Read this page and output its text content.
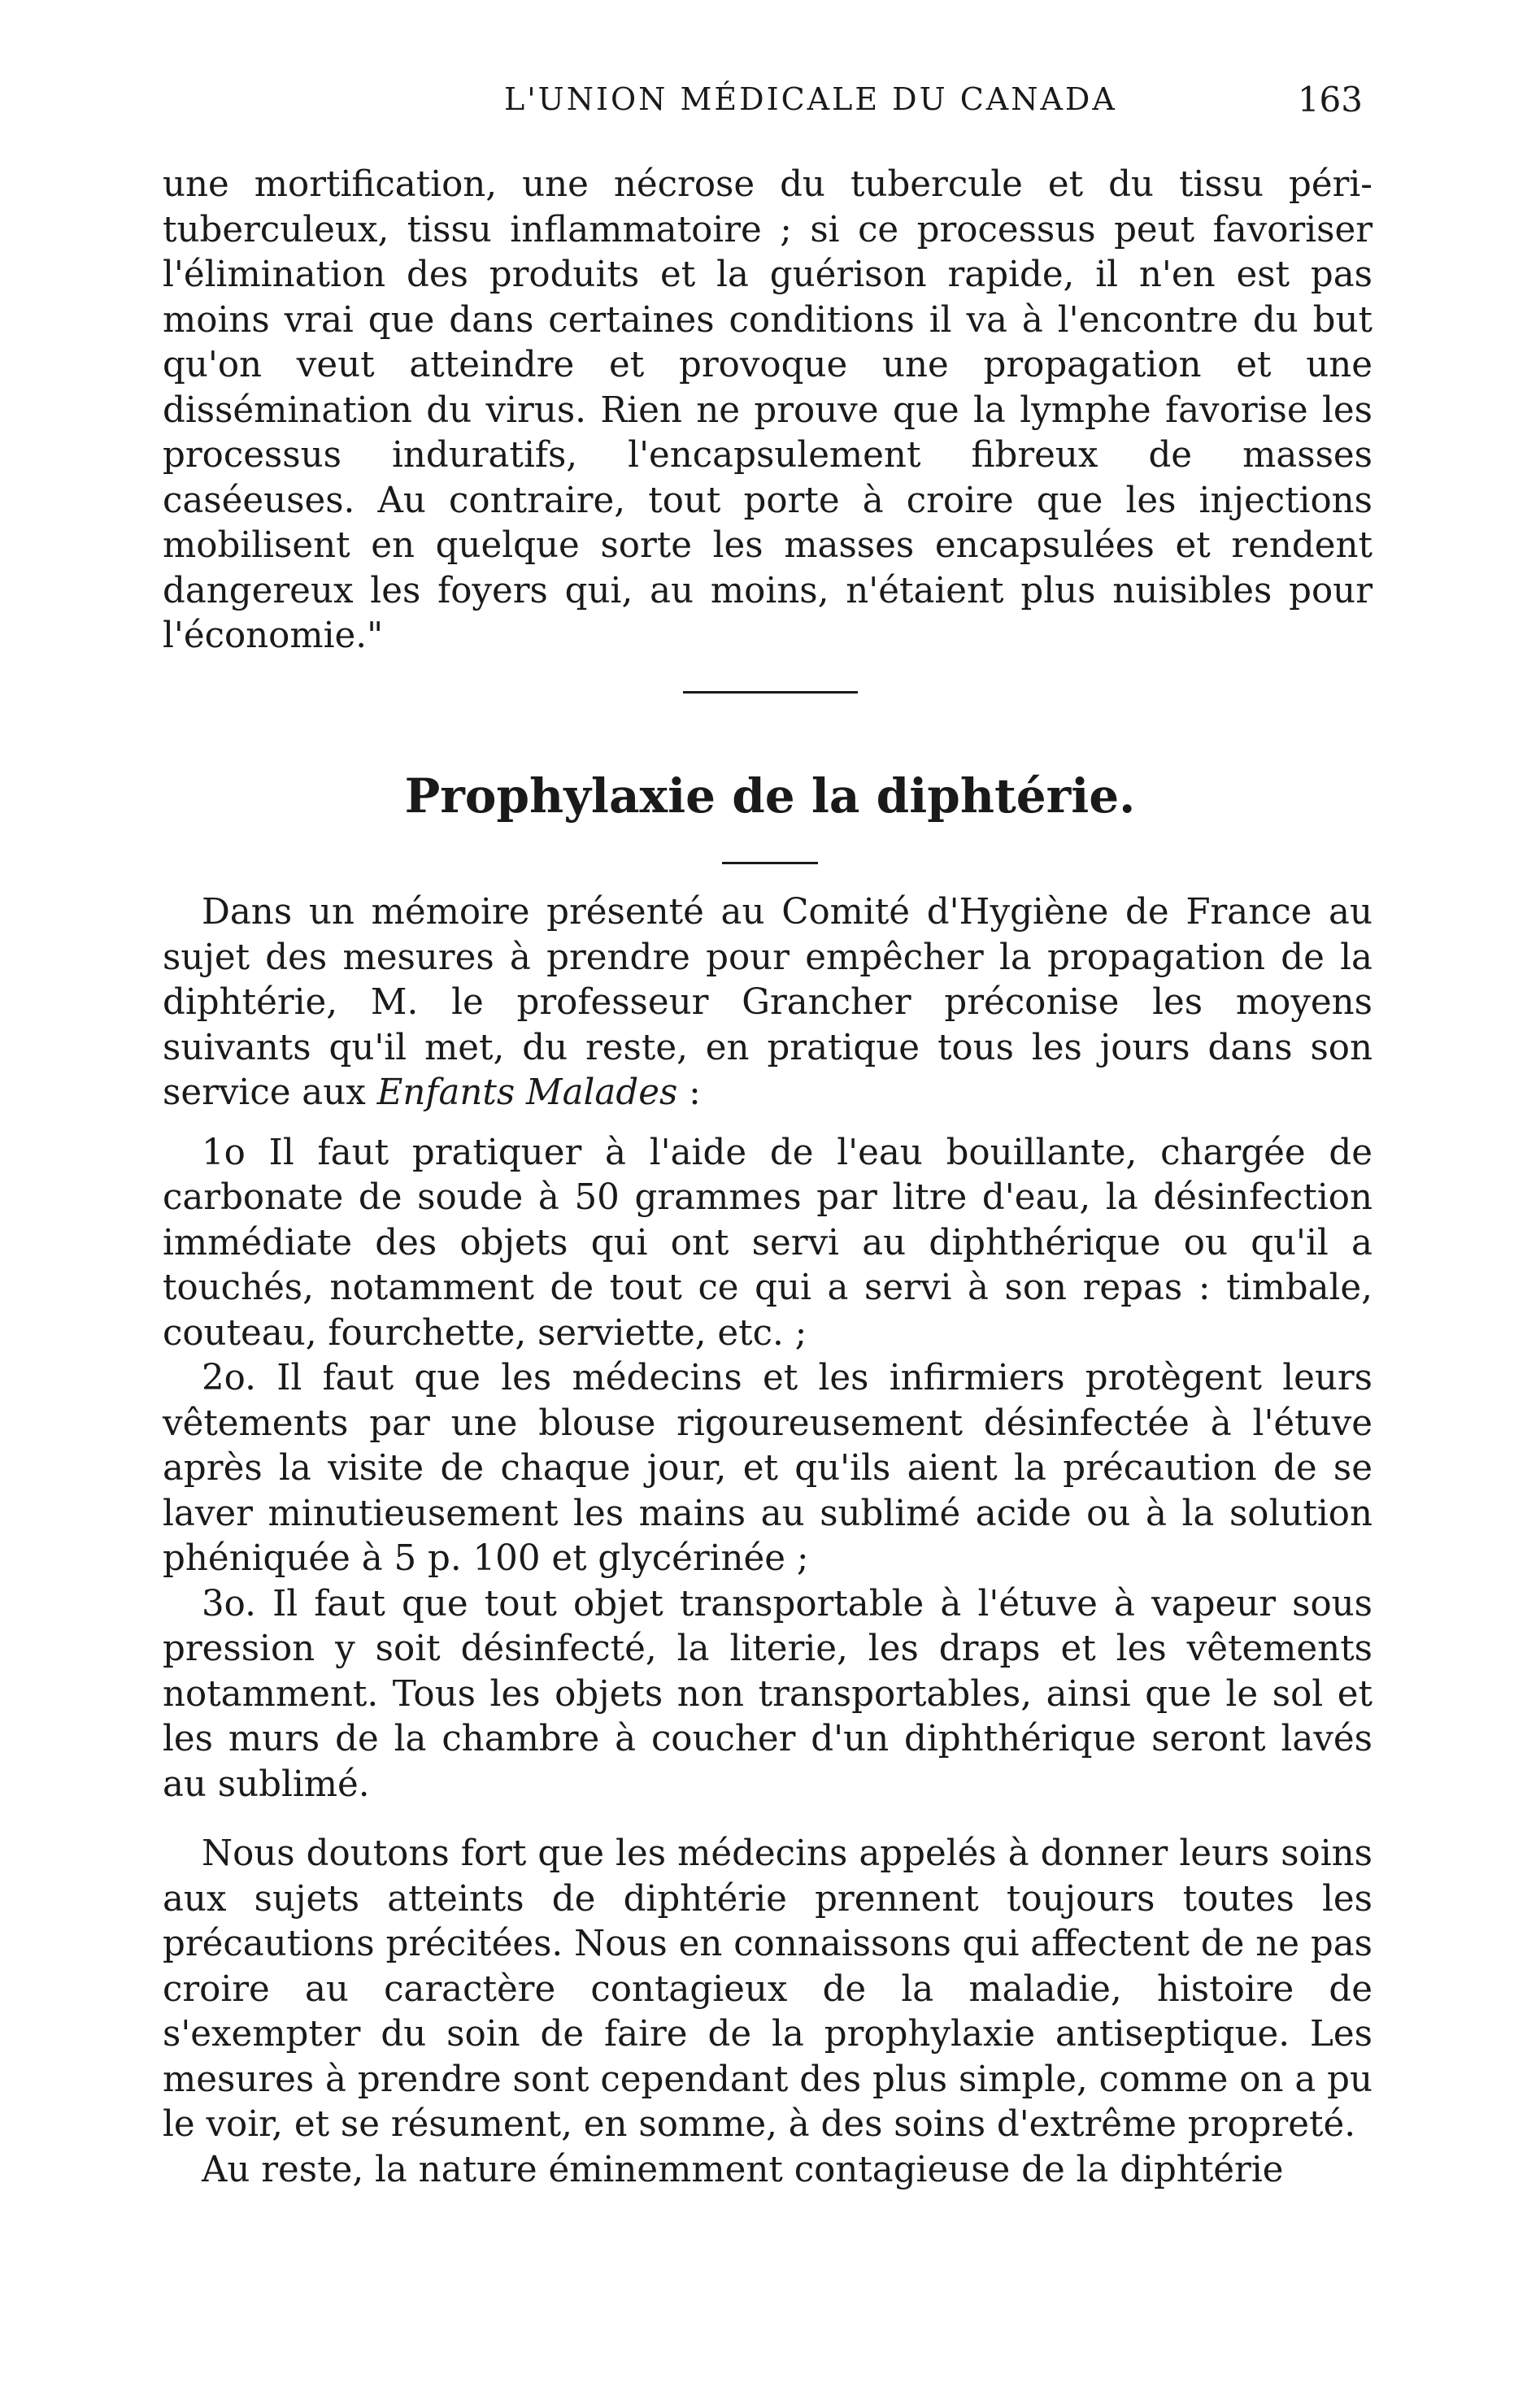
L'UNION MÉDICALE DU CANADA	163

une mortification, une nécrose du tubercule et du tissu péri-tuberculeux, tissu inflammatoire ; si ce processus peut favoriser l'élimination des produits et la guérison rapide, il n'en est pas moins vrai que dans certaines conditions il va à l'encontre du but qu'on veut atteindre et provoque une propagation et une dissémination du virus. Rien ne prouve que la lymphe favorise les processus induratifs, l'encapsulement fibreux de masses caséeuses. Au contraire, tout porte à croire que les injections mobilisent en quelque sorte les masses encapsulées et rendent dangereux les foyers qui, au moins, n'étaient plus nuisibles pour l'économie."

Prophylaxie de la diphtérie.

Dans un mémoire présenté au Comité d'Hygiène de France au sujet des mesures à prendre pour empêcher la propagation de la diphtérie, M. le professeur Grancher préconise les moyens suivants qu'il met, du reste, en pratique tous les jours dans son service aux Enfants Malades :

1o Il faut pratiquer à l'aide de l'eau bouillante, chargée de carbonate de soude à 50 grammes par litre d'eau, la désinfection immédiate des objets qui ont servi au diphthérique ou qu'il a touchés, notamment de tout ce qui a servi à son repas : timbale, couteau, fourchette, serviette, etc. ;

2o. Il faut que les médecins et les infirmiers protègent leurs vêtements par une blouse rigoureusement désinfectée à l'étuve après la visite de chaque jour, et qu'ils aient la précaution de se laver minutieusement les mains au sublimé acide ou à la solution phéniquée à 5 p. 100 et glycérinée ;

3o. Il faut que tout objet transportable à l'étuve à vapeur sous pression y soit désinfecté, la literie, les draps et les vêtements notamment. Tous les objets non transportables, ainsi que le sol et les murs de la chambre à coucher d'un diphthérique seront lavés au sublimé.

Nous doutons fort que les médecins appelés à donner leurs soins aux sujets atteints de diphtérie prennent toujours toutes les précautions précitées. Nous en connaissons qui affectent de ne pas croire au caractère contagieux de la maladie, histoire de s'exempter du soin de faire de la prophylaxie antiseptique. Les mesures à prendre sont cependant des plus simple, comme on a pu le voir, et se résument, en somme, à des soins d'extrême propreté.

Au reste, la nature éminemment contagieuse de la diphtérie
